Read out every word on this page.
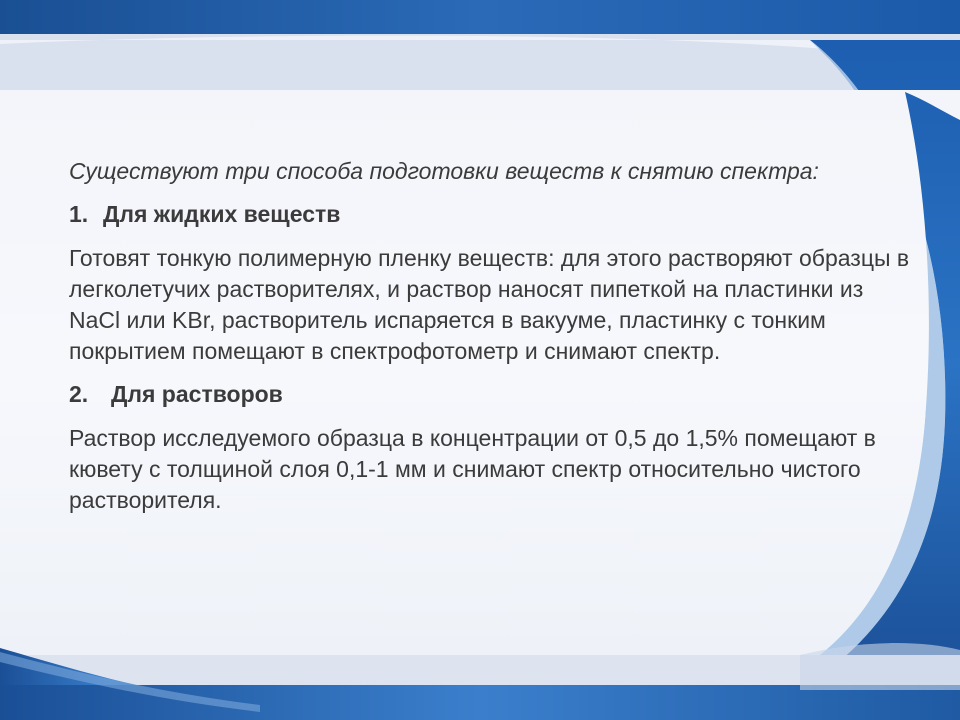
Существуют три способа подготовки веществ к снятию спектра:

1. Для жидких веществ

Готовят тонкую полимерную пленку веществ: для этого растворяют образцы в легколетучих растворителях, и раствор наносят пипеткой на пластинки из NaCl или KBr, растворитель испаряется в вакууме, пластинку с тонким покрытием помещают в спектрофотометр и снимают спектр.

2. Для растворов

Раствор исследуемого образца в концентрации от 0,5 до 1,5% помещают в кювету с толщиной слоя 0,1-1 мм и снимают спектр относительно чистого растворителя.
